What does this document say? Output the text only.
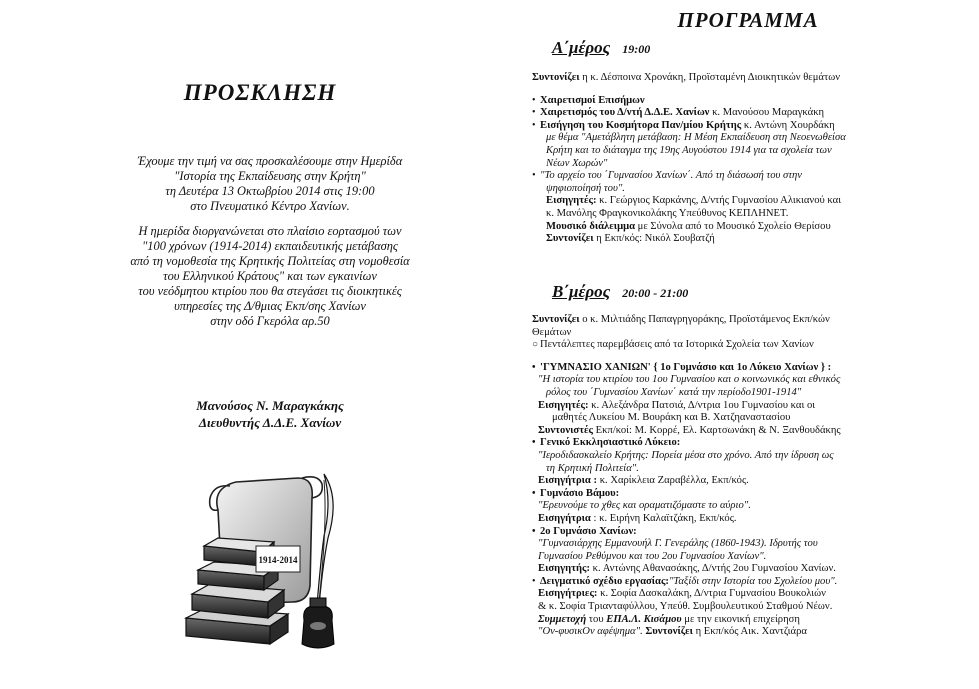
ΠΡΟΣΚΛΗΣΗ
Έχουμε την τιμή να σας προσκαλέσουμε στην Ημερίδα
"Ιστορία της Εκπαίδευσης στην Κρήτη"
τη Δευτέρα 13 Οκτωβρίου 2014 στις 19:00
στο Πνευματικό Κέντρο Χανίων.
Η ημερίδα διοργανώνεται στο πλαίσιο εορτασμού των
"100 χρόνων (1914-2014) εκπαιδευτικής μετάβασης
από τη νομοθεσία της Κρητικής Πολιτείας στη νομοθεσία
του Ελληνικού Κράτους" και των εγκαινίων
του νεόδμητου κτιρίου που θα στεγάσει τις διοικητικές
υπηρεσίες της Δ/θμιας Εκπ/σης Χανίων
στην οδό Γκερόλα αρ.50
Μανούσος Ν. Μαραγκάκης
Διευθυντής Δ.Δ.Ε. Χανίων
1914-2014
ΠΡΟΓΡΑΜΜΑ
Α΄μέρος 19:00
Συντονίζει η κ. Δέσποινα Χρονάκη, Προϊσταμένη Διοικητικών θεμάτων
• Χαιρετισμοί Επισήμων
• Χαιρετισμός του Δ/ντή Δ.Δ.Ε. Χανίων κ. Μανούσου Μαραγκάκη
• Εισήγηση του Κοσμήτορα Παν/μίου Κρήτης κ. Αντώνη Χουρδάκη
με θέμα "Αμετάβλητη μετάβαση: Η Μέση Εκπαίδευση στη Νεοενωθείσα
Κρήτη και το διάταγμα της 19ης Αυγούστου 1914 για τα σχολεία των
Νέων Χωρών"
• "Το αρχείο του ΄Γυμνασίου Χανίων΄. Από τη διάσωσή του στην
ψηφιοποίησή του".
Εισηγητές: κ. Γεώργιος Καρκάνης, Δ/ντής Γυμνασίου Αλικιανού και
κ. Μανόλης Φραγκονικολάκης Υπεύθυνος ΚΕΠΛΗΝΕΤ.
Μουσικό διάλειμμα με Σύνολα από το Μουσικό Σχολείο Θερίσου
Συντονίζει η Εκπ/κός: Νικόλ Σουβατζή
Β΄μέρος 20:00 - 21:00
Συντονίζει ο κ. Μιλτιάδης Παπαγρηγοράκης, Προϊστάμενος Εκπ/κών
Θεμάτων
○ Πεντάλεπτες παρεμβάσεις από τα Ιστορικά Σχολεία των Χανίων
• 'ΓΥΜΝΑΣΙΟ ΧΑΝΙΩΝ' { 1ο Γυμνάσιο και 1ο Λύκειο Χανίων } :
"Η ιστορία του κτιρίου του 1ου Γυμνασίου και ο κοινωνικός και εθνικός
ρόλος του ΄Γυμνασίου Χανίων΄ κατά την περίοδο1901-1914"
Εισηγητές: κ. Αλεξάνδρα Πατσιά, Δ/ντρια 1ου Γυμνασίου και οι
μαθητές Λυκείου Μ. Βουράκη και Β. Χατζηαναστασίου
Συντονιστές Εκπ/κοί: Μ. Κορρέ, Ελ. Καρτσωνάκη & Ν. Ξανθουδάκης
• Γενικό Εκκλησιαστικό Λύκειο:
"Ιεροδιδασκαλείο Κρήτης: Πορεία μέσα στο χρόνο. Από την ίδρυση ως
τη Κρητική Πολιτεία".
Εισηγήτρια : κ. Χαρίκλεια Ζαραβέλλα, Εκπ/κός.
• Γυμνάσιο Βάμου:
"Ερευνούμε το χθες και οραματιζόμαστε το αύριο".
Εισηγήτρια : κ. Ειρήνη Καλαϊτζάκη, Εκπ/κός.
• 2ο Γυμνάσιο Χανίων:
"Γυμνασιάρχης Εμμανουήλ Γ. Γενεράλης (1860-1943). Ιδρυτής του
Γυμνασίου Ρεθύμνου και του 2ου Γυμνασίου Χανίων".
Εισηγητής: κ. Αντώνης Αθανασάκης, Δ/ντής 2ου Γυμνασίου Χανίων.
• Δειγματικό σχέδιο εργασίας:"Ταξίδι στην Ιστορία του Σχολείου μου".
Εισηγήτριες: κ. Σοφία Δασκαλάκη, Δ/ντρια Γυμνασίου Βουκολιών
& κ. Σοφία Τριανταφύλλου, Υπεύθ. Συμβουλευτικού Σταθμού Νέων.
Συμμετοχή του ΕΠΑ.Λ. Κισάμου με την εικονική επιχείρηση
"Ον-φυσικΟν αφέψημα". Συντονίζει η Εκπ/κός Αικ. Χαντζιάρα
